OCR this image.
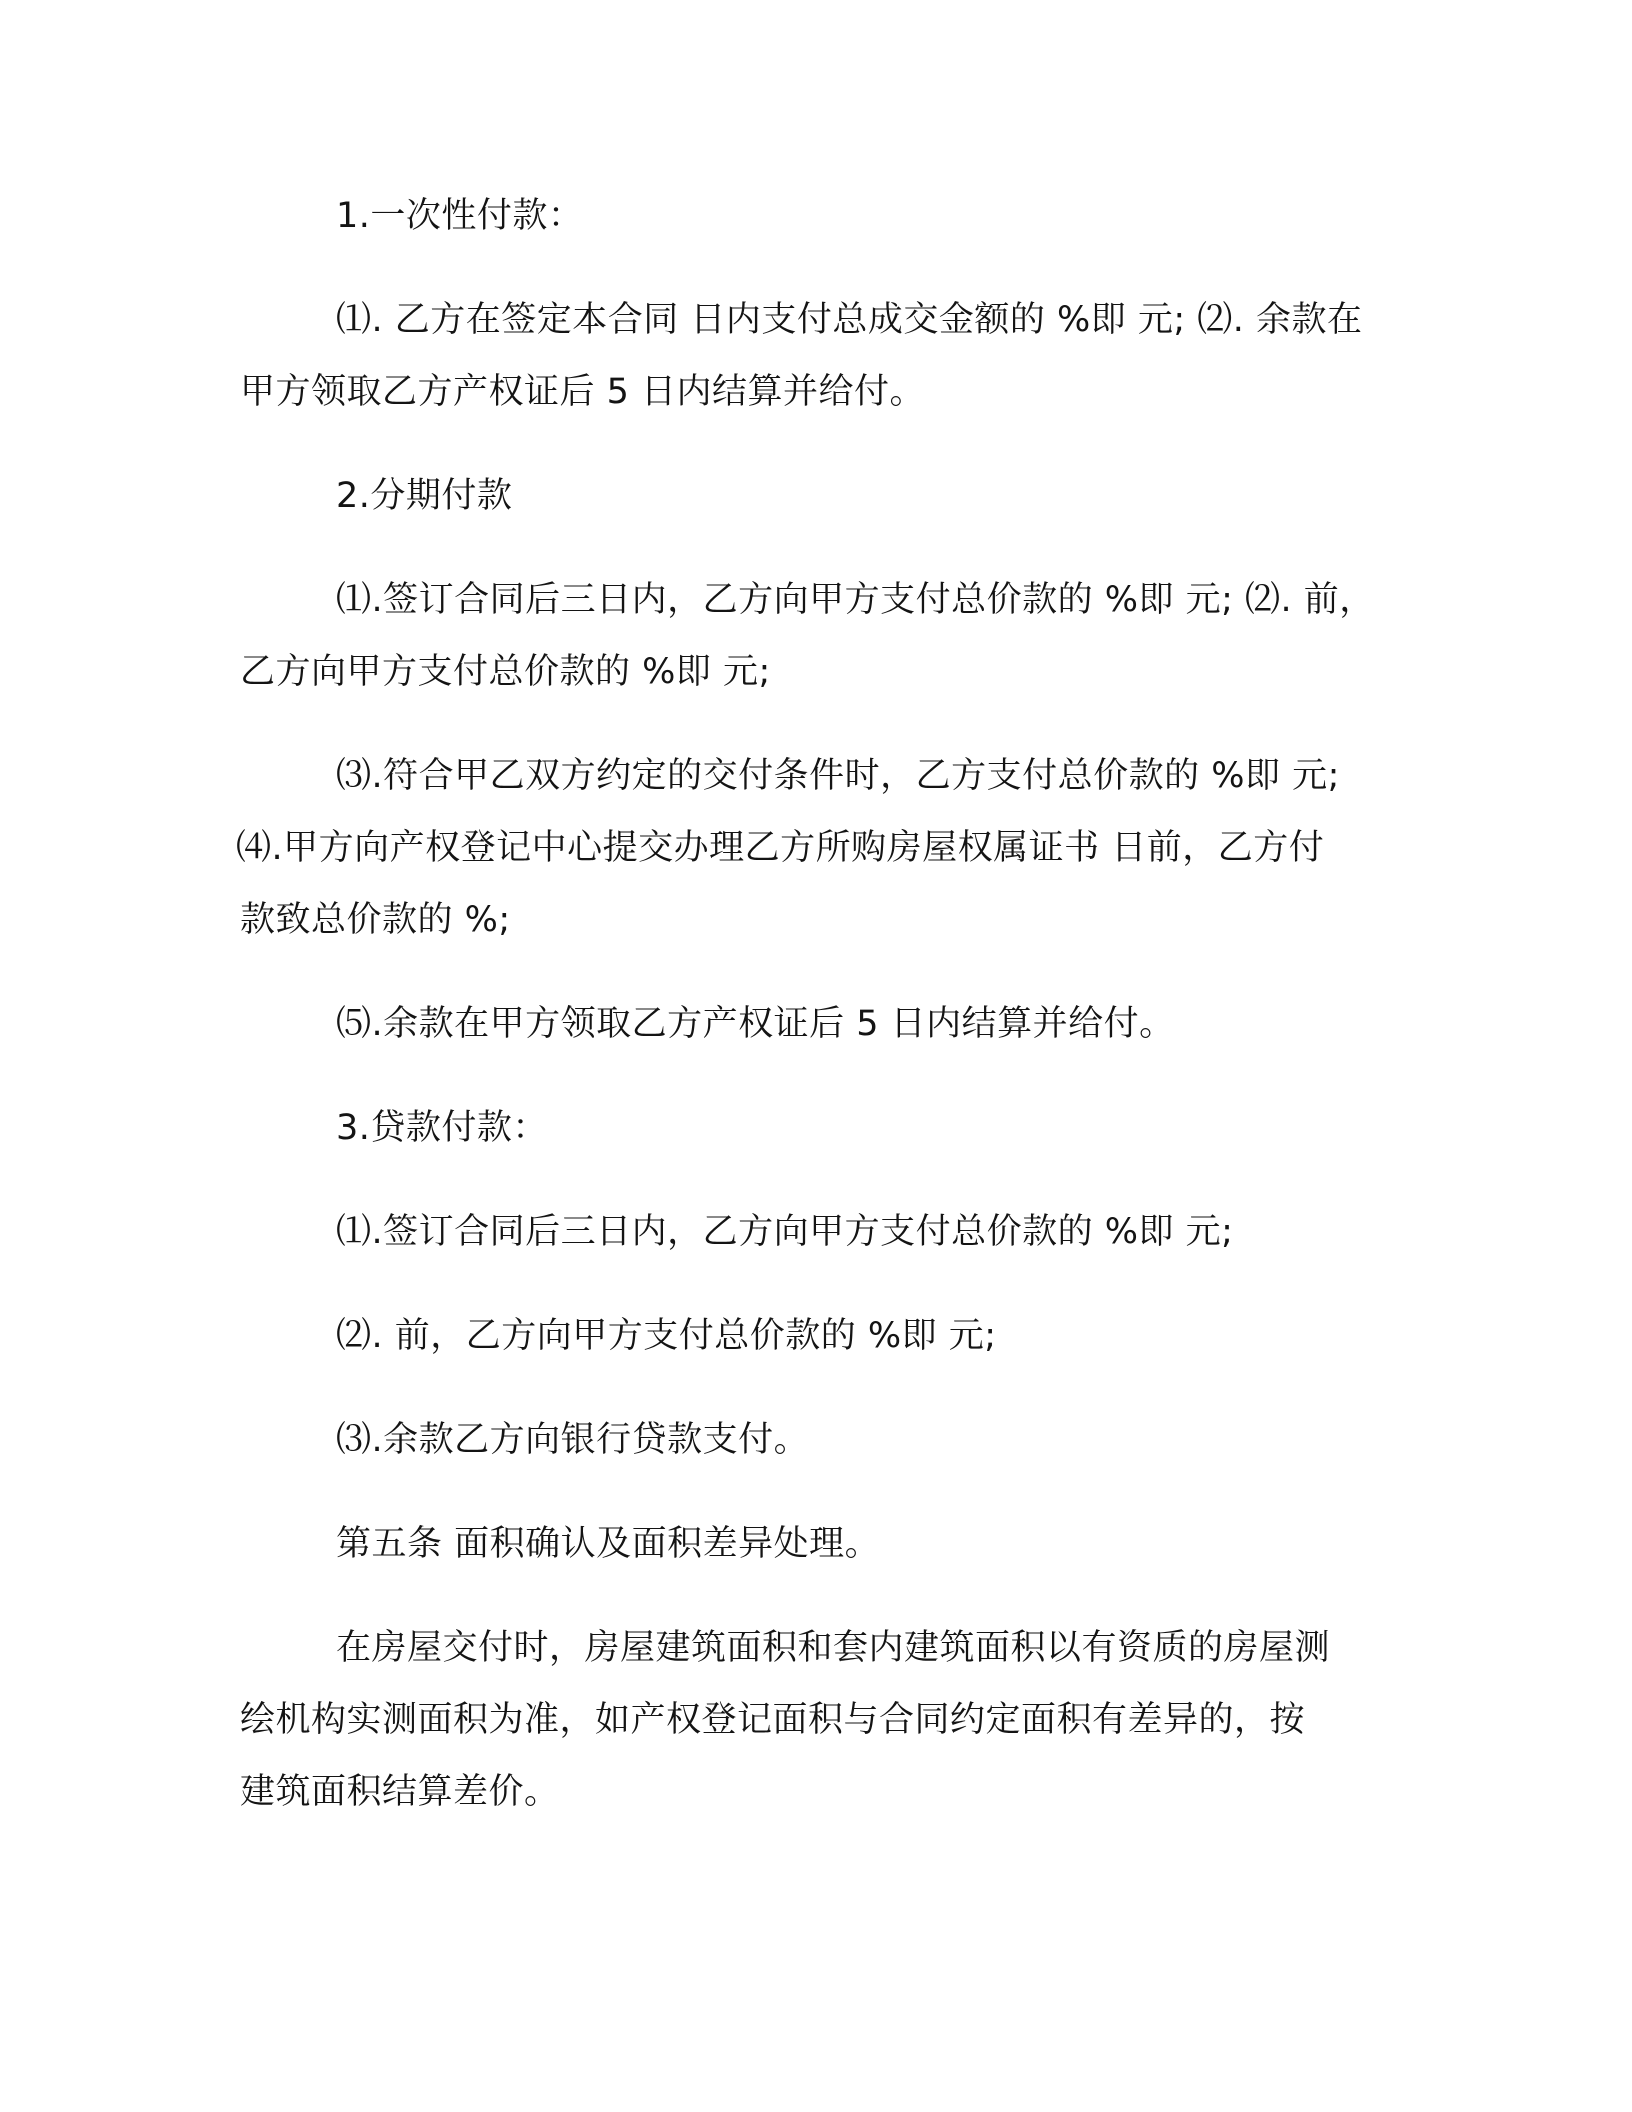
1.一次性付款：

⑴. 乙方在签定本合同 日内支付总成交金额的 %即 元; ⑵. 余款在
甲方领取乙方产权证后 5 日内结算并给付。

2.分期付款

⑴.签订合同后三日内，乙方向甲方支付总价款的 %即 元; ⑵. 前，
乙方向甲方支付总价款的 %即 元;

⑶.符合甲乙双方约定的交付条件时，乙方支付总价款的 %即 元;
⑷.甲方向产权登记中心提交办理乙方所购房屋权属证书 日前，乙方付
款致总价款的 %;

⑸.余款在甲方领取乙方产权证后 5 日内结算并给付。

3.贷款付款：

⑴.签订合同后三日内，乙方向甲方支付总价款的 %即 元;

⑵. 前，乙方向甲方支付总价款的 %即 元;

⑶.余款乙方向银行贷款支付。

第五条 面积确认及面积差异处理。

在房屋交付时，房屋建筑面积和套内建筑面积以有资质的房屋测
绘机构实测面积为准，如产权登记面积与合同约定面积有差异的，按
建筑面积结算差价。
